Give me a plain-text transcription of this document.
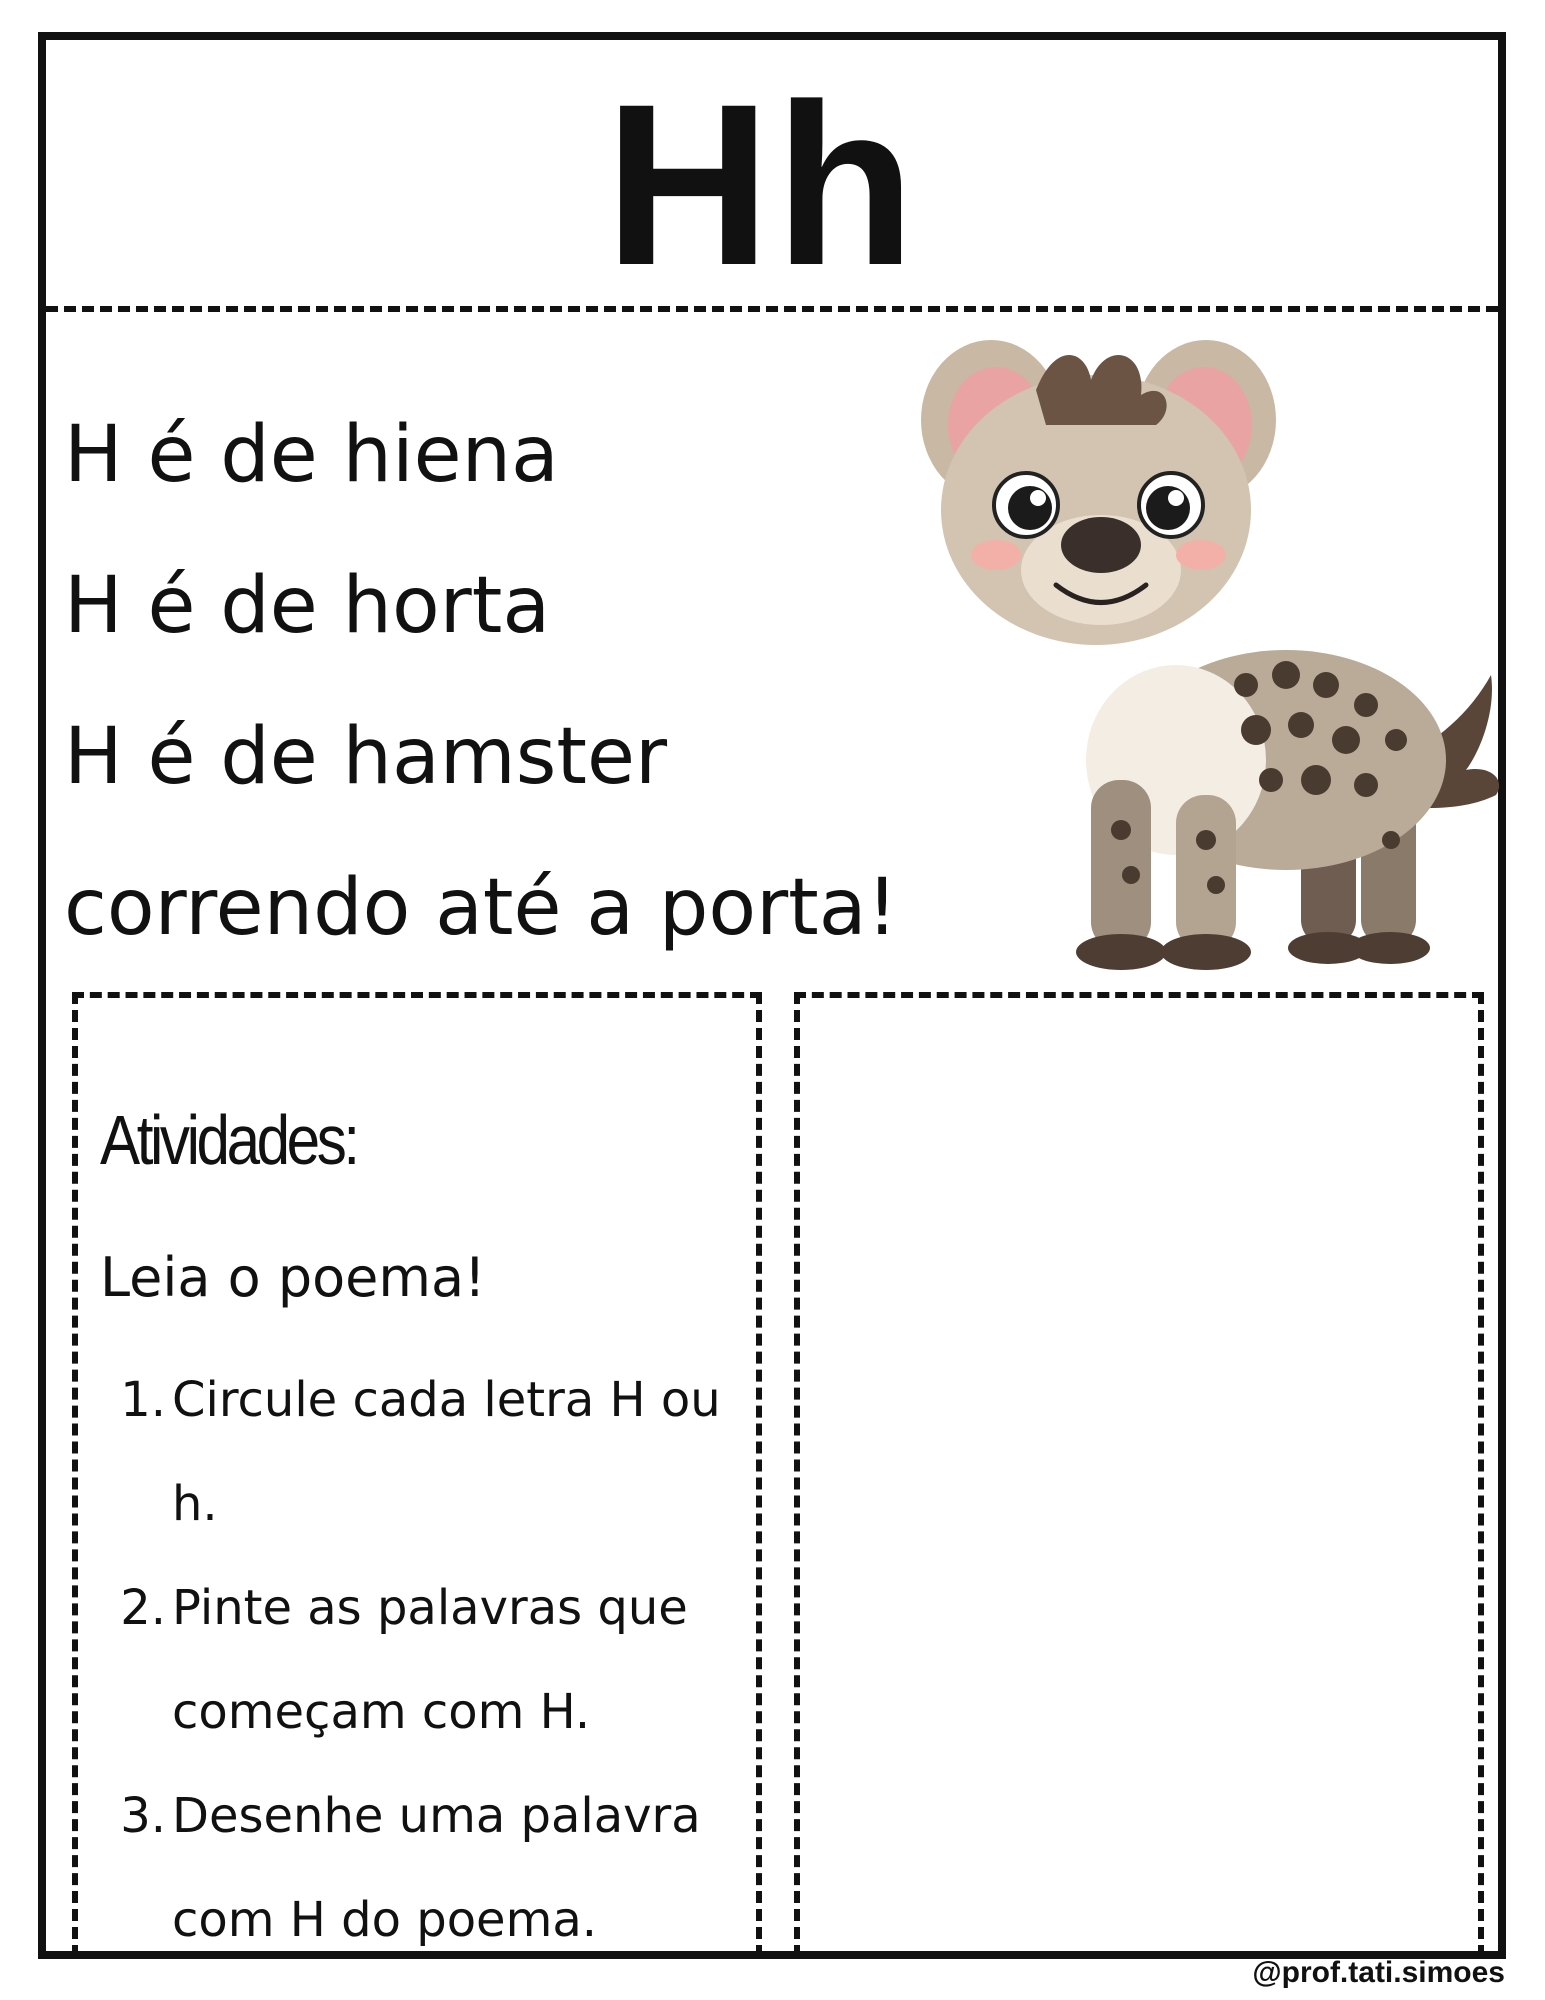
Hh
H é de hiena
H é de horta
H é de hamster
correndo até a porta!
Atividades:
Leia o poema!
1. Circule cada letra H ou h.
2. Pinte as palavras que começam com H.
3. Desenhe uma palavra com H do poema.
@prof.tati.simoes
